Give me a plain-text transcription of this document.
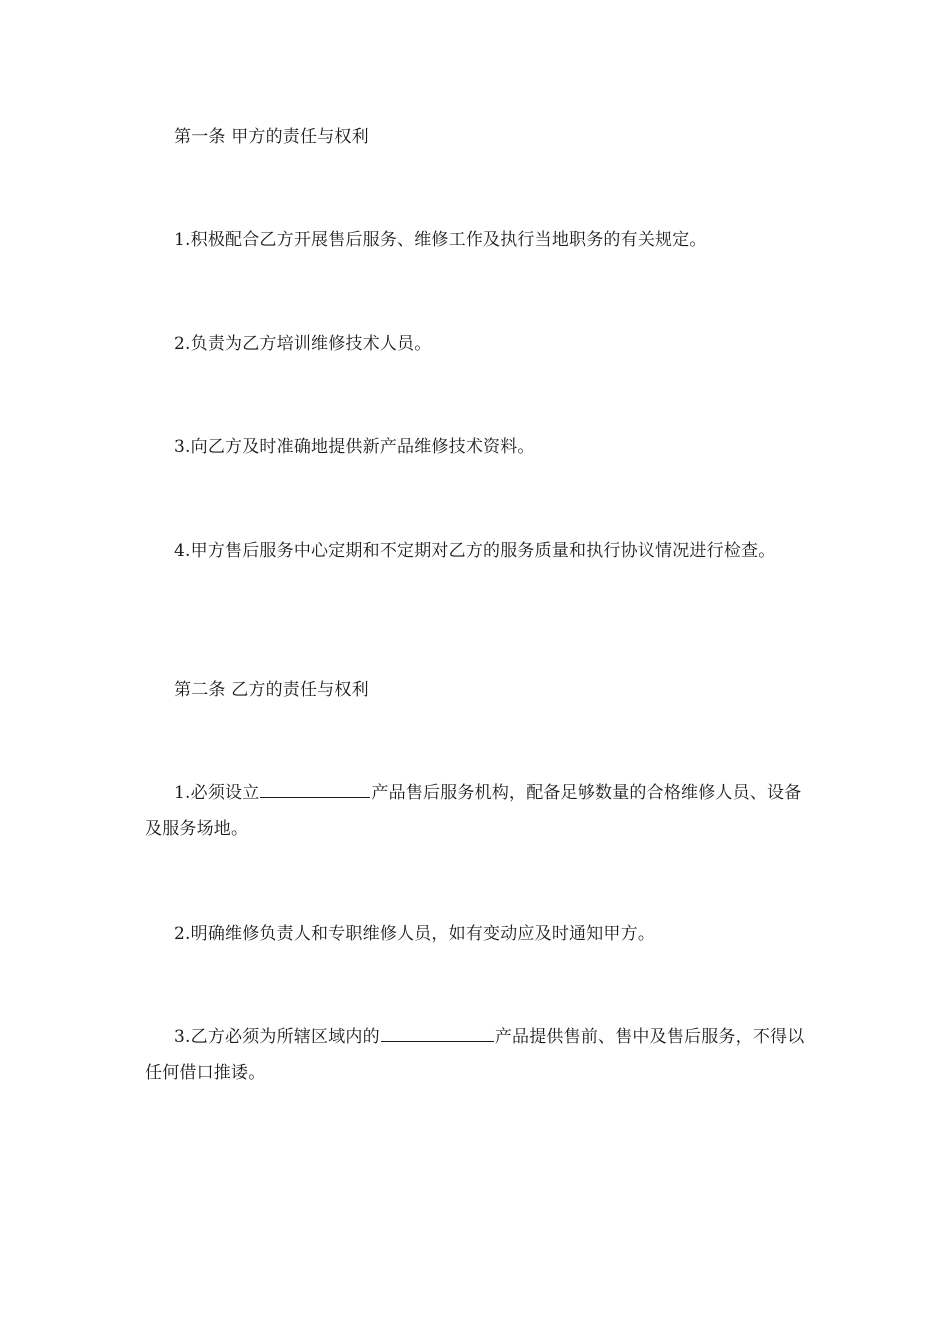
第一条 甲方的责任与权利

1.积极配合乙方开展售后服务、维修工作及执行当地职务的有关规定。

2.负责为乙方培训维修技术人员。

3.向乙方及时准确地提供新产品维修技术资料。

4.甲方售后服务中心定期和不定期对乙方的服务质量和执行协议情况进行检查。

第二条 乙方的责任与权利

1.必须设立	产品售后服务机构，配备足够数量的合格维修人员、设备及服务场地。

2.明确维修负责人和专职维修人员，如有变动应及时通知甲方。

3.乙方必须为所辖区域内的	产品提供售前、售中及售后服务，不得以任何借口推诿。
